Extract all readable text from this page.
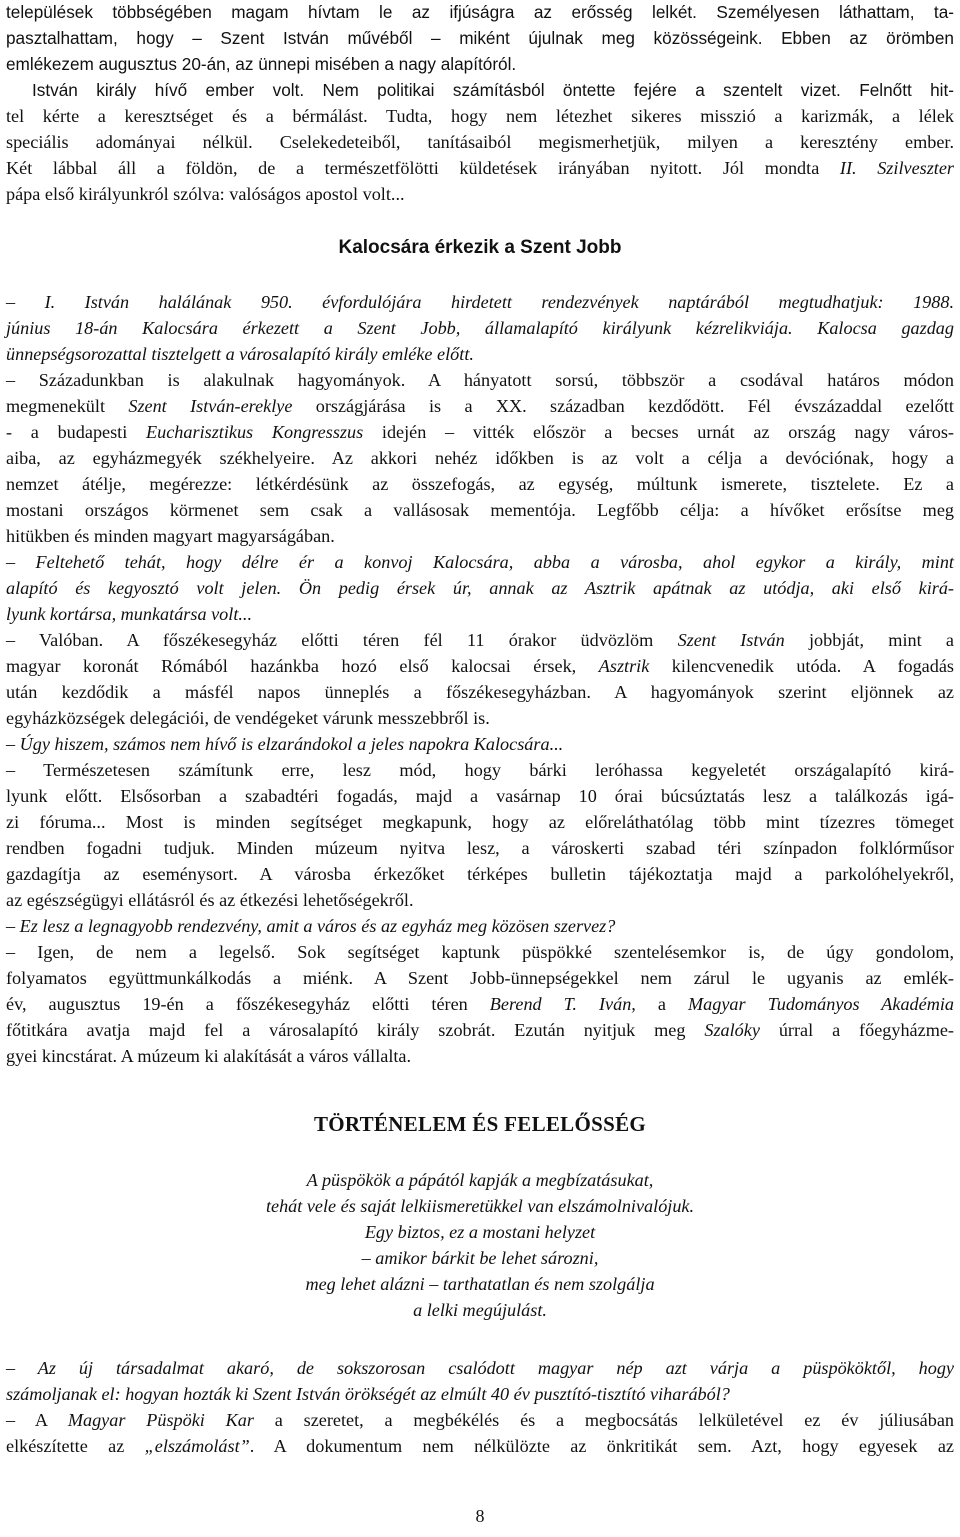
települések többségében magam hívtam le az ifjúságra az erősség lelkét. Személyesen láthattam, ta-
pasztalhattam, hogy – Szent István művéből – miként újulnak meg közösségeink. Ebben az örömben
emlékezem augusztus 20-án, az ünnepi misében a nagy alapítóról.
István király hívő ember volt. Nem politikai számításból öntette fejére a szentelt vizet. Felnőtt hit-
tel kérte a keresztséget és a bérmálást. Tudta, hogy nem létezhet sikeres misszió a karizmák, a lélek
speciális adományai nélkül. Cselekedeteiből, tanításaiból megismerhetjük, milyen a keresztény ember.
Két lábbal áll a földön, de a természetfölötti küldetések irányában nyitott. Jól mondta II. Szilveszter
pápa első királyunkról szólva: valóságos apostol volt...
Kalocsára érkezik a Szent Jobb
– I. István halálának 950. évfordulójára hirdetett rendezvények naptárából megtudhatjuk: 1988.
június 18-án Kalocsára érkezett a Szent Jobb, államalapító királyunk kézrelikviája. Kalocsa gazdag
ünnepségsorozattal tisztelgett a városalapító király emléke előtt.
– Századunkban is alakulnak hagyományok. A hányatott sorsú, többször a csodával határos módon
megmenekült Szent István-ereklye országjárása is a XX. században kezdődött. Fél évszázaddal ezelőtt
- a budapesti Eucharisztikus Kongresszus idején – vitték először a becses urnát az ország nagy város-
aiba, az egyházmegyék székhelyeire. Az akkori nehéz időkben is az volt a célja a devóciónak, hogy a
nemzet átélje, megérezze: létkérdésünk az összefogás, az egység, múltunk ismerete, tisztelete. Ez a
mostani országos körmenet sem csak a vallásosak mementója. Legfőbb célja: a hívőket erősítse meg
hitükben és minden magyart magyarságában.
– Feltehető tehát, hogy délre ér a konvoj Kalocsára, abba a városba, ahol egykor a király, mint
alapító és kegyosztó volt jelen. Ön pedig érsek úr, annak az Asztrik apátnak az utódja, aki első kirá-
lyunk kortársa, munkatársa volt...
– Valóban. A főszékesegyház előtti téren fél 11 órakor üdvözlöm Szent István jobbját, mint a
magyar koronát Rómából hazánkba hozó első kalocsai érsek, Asztrik kilencvenedik utóda. A fogadás
után kezdődik a másfél napos ünneplés a főszékesegyházban. A hagyományok szerint eljönnek az
egyházközségek delegációi, de vendégeket várunk messzebbről is.
– Úgy hiszem, számos nem hívő is elzarándokol a jeles napokra Kalocsára...
– Természetesen számítunk erre, lesz mód, hogy bárki leróhassa kegyeletét országalapító kirá-
lyunk előtt. Elsősorban a szabadtéri fogadás, majd a vasárnap 10 órai búcsúztatás lesz a találkozás igá-
zi fóruma... Most is minden segítséget megkapunk, hogy az előreláthatólag több mint tízezres tömeget
rendben fogadni tudjuk. Minden múzeum nyitva lesz, a városkerti szabad téri színpadon folklórműsor
gazdagítja az eseménysort. A városba érkezőket térképes bulletin tájékoztatja majd a parkolóhelyekről,
az egészségügyi ellátásról és az étkezési lehetőségekről.
– Ez lesz a legnagyobb rendezvény, amit a város és az egyház meg közösen szervez?
– Igen, de nem a legelső. Sok segítséget kaptunk püspökké szentelésemkor is, de úgy gondolom,
folyamatos együttmunkálkodás a miénk. A Szent Jobb-ünnepségekkel nem zárul le ugyanis az emlék-
év, augusztus 19-én a főszékesegyház előtti téren Berend T. Iván, a Magyar Tudományos Akadémia
főtitkára avatja majd fel a városalapító király szobrát. Ezután nyitjuk meg Szalóky úrral a főegyházme-
gyei kincstárat. A múzeum ki alakítását a város vállalta.
TÖRTÉNELEM ÉS FELELŐSSÉG
A püspökök a pápától kapják a megbízatásukat,
tehát vele és saját lelkiismeretükkel van elszámolnivalójuk.
Egy biztos, ez a mostani helyzet
– amikor bárkit be lehet sározni,
meg lehet alázni – tarthatatlan és nem szolgálja
a lelki megújulást.
– Az új társadalmat akaró, de sokszorosan csalódott magyar nép azt várja a püspököktől, hogy
számoljanak el: hogyan hozták ki Szent István örökségét az elmúlt 40 év pusztító-tisztító viharából?
– A Magyar Püspöki Kar a szeretet, a megbékélés és a megbocsátás lelkületével ez év júliusában
elkészítette az „elszámolást”. A dokumentum nem nélkülözte az önkritikát sem. Azt, hogy egyesek az
8
